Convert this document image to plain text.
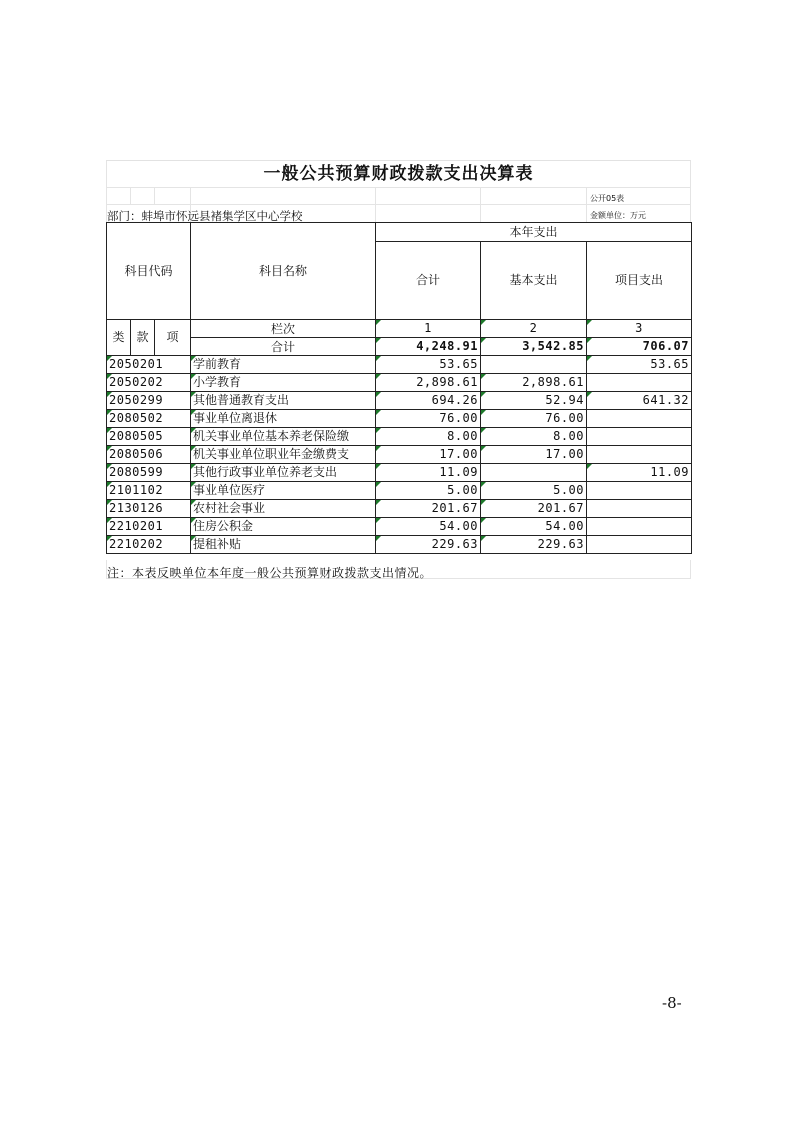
一般公共预算财政拨款支出决算表
公开05表
部门：蚌埠市怀远县褚集学区中心学校	金额单位：万元
科目代码			科目名称	本年支出		
				合计	基本支出	项目支出
类	款	项	栏次	1	2	3
			合计	4,248.91	3,542.85	706.07
2050201			学前教育	53.65		53.65
2050202			小学教育	2,898.61	2,898.61	
2050299			其他普通教育支出	694.26	52.94	641.32
2080502			事业单位离退休	76.00	76.00	
2080505			机关事业单位基本养老保险缴	8.00	8.00	
2080506			机关事业单位职业年金缴费支	17.00	17.00	
2080599			其他行政事业单位养老支出	11.09		11.09
2101102			事业单位医疗	5.00	5.00	
2130126			农村社会事业	201.67	201.67	
2210201			住房公积金	54.00	54.00	
2210202			提租补贴	229.63	229.63	
注：本表反映单位本年度一般公共预算财政拨款支出情况。
-8-
